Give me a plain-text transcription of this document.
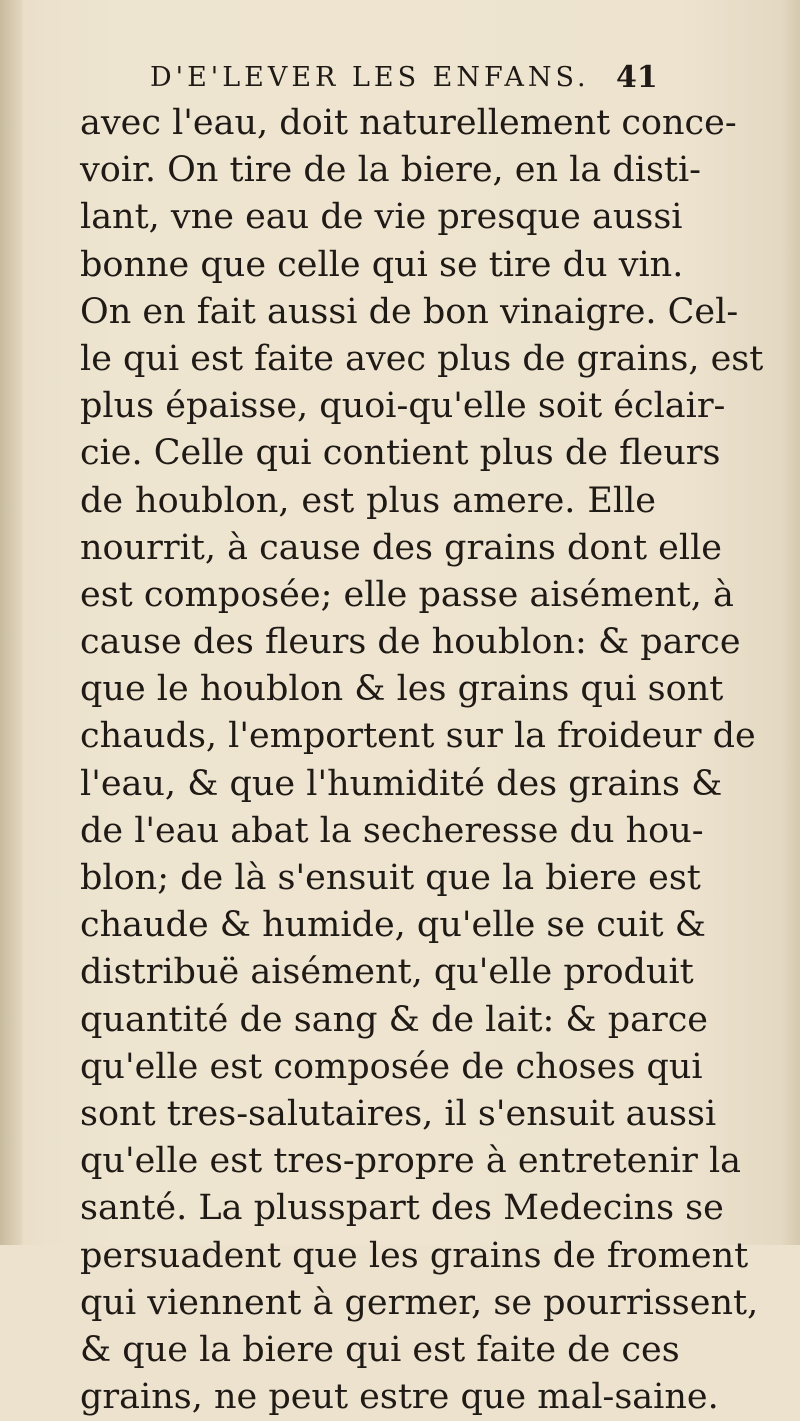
D'E'LEVER LES ENFANS. 41
avec l'eau, doit naturellement conce-
voir. On tire de la biere, en la disti-
lant, vne eau de vie presque aussi
bonne que celle qui se tire du vin.
On en fait aussi de bon vinaigre. Cel-
le qui est faite avec plus de grains, est
plus épaisse, quoi-qu'elle soit éclair-
cie. Celle qui contient plus de fleurs
de houblon, est plus amere. Elle
nourrit, à cause des grains dont elle
est composée; elle passe aisément, à
cause des fleurs de houblon: & parce
que le houblon & les grains qui sont
chauds, l'emportent sur la froideur de
l'eau, & que l'humidité des grains &
de l'eau abat la secheresse du hou-
blon; de là s'ensuit que la biere est
chaude & humide, qu'elle se cuit &
distribuë aisément, qu'elle produit
quantité de sang & de lait: & parce
qu'elle est composée de choses qui
sont tres-salutaires, il s'ensuit aussi
qu'elle est tres-propre à entretenir la
santé. La plusspart des Medecins se
persuadent que les grains de froment
qui viennent à germer, se pourrissent,
& que la biere qui est faite de ces
grains, ne peut estre que mal-saine.
